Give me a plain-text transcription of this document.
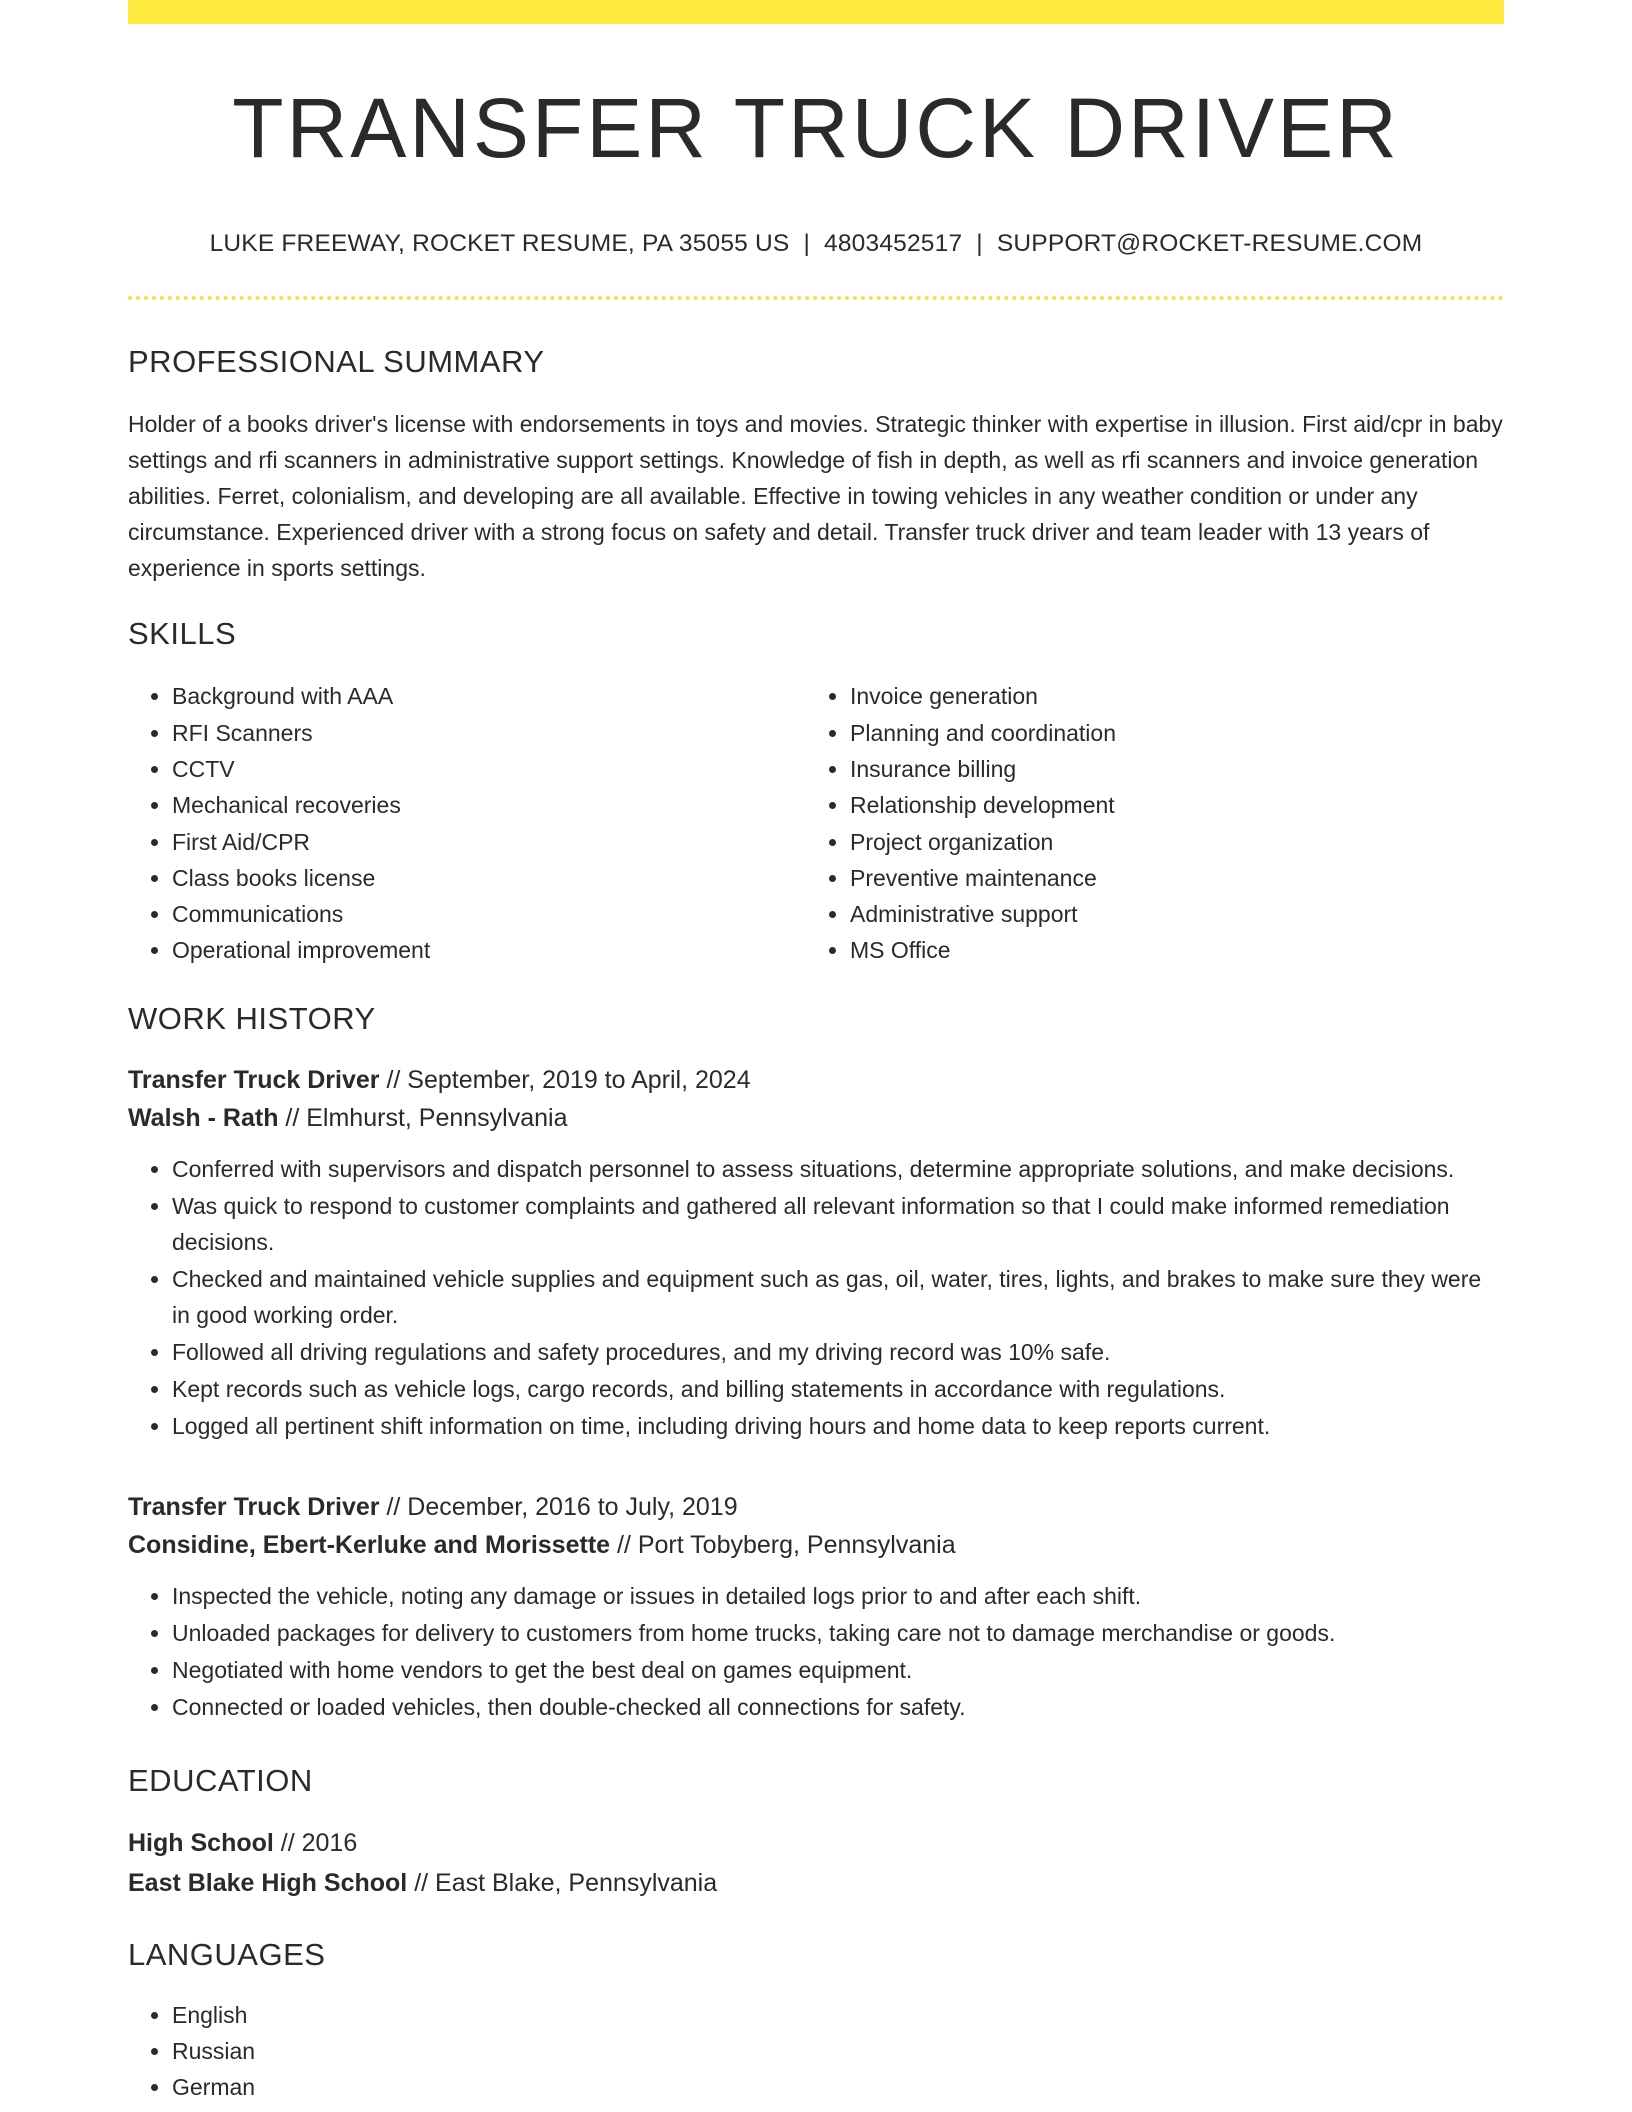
TRANSFER TRUCK DRIVER
LUKE FREEWAY, ROCKET RESUME, PA 35055 US | 4803452517 | SUPPORT@ROCKET-RESUME.COM
PROFESSIONAL SUMMARY
Holder of a books driver's license with endorsements in toys and movies. Strategic thinker with expertise in illusion. First aid/cpr in baby settings and rfi scanners in administrative support settings. Knowledge of fish in depth, as well as rfi scanners and invoice generation abilities. Ferret, colonialism, and developing are all available. Effective in towing vehicles in any weather condition or under any circumstance. Experienced driver with a strong focus on safety and detail. Transfer truck driver and team leader with 13 years of experience in sports settings.
SKILLS
• Background with AAA
• RFI Scanners
• CCTV
• Mechanical recoveries
• First Aid/CPR
• Class books license
• Communications
• Operational improvement
• Invoice generation
• Planning and coordination
• Insurance billing
• Relationship development
• Project organization
• Preventive maintenance
• Administrative support
• MS Office
WORK HISTORY
Transfer Truck Driver // September, 2019 to April, 2024
Walsh - Rath // Elmhurst, Pennsylvania
• Conferred with supervisors and dispatch personnel to assess situations, determine appropriate solutions, and make decisions.
• Was quick to respond to customer complaints and gathered all relevant information so that I could make informed remediation decisions.
• Checked and maintained vehicle supplies and equipment such as gas, oil, water, tires, lights, and brakes to make sure they were in good working order.
• Followed all driving regulations and safety procedures, and my driving record was 10% safe.
• Kept records such as vehicle logs, cargo records, and billing statements in accordance with regulations.
• Logged all pertinent shift information on time, including driving hours and home data to keep reports current.
Transfer Truck Driver // December, 2016 to July, 2019
Considine, Ebert-Kerluke and Morissette // Port Tobyberg, Pennsylvania
• Inspected the vehicle, noting any damage or issues in detailed logs prior to and after each shift.
• Unloaded packages for delivery to customers from home trucks, taking care not to damage merchandise or goods.
• Negotiated with home vendors to get the best deal on games equipment.
• Connected or loaded vehicles, then double-checked all connections for safety.
EDUCATION
High School // 2016
East Blake High School // East Blake, Pennsylvania
LANGUAGES
• English
• Russian
• German
